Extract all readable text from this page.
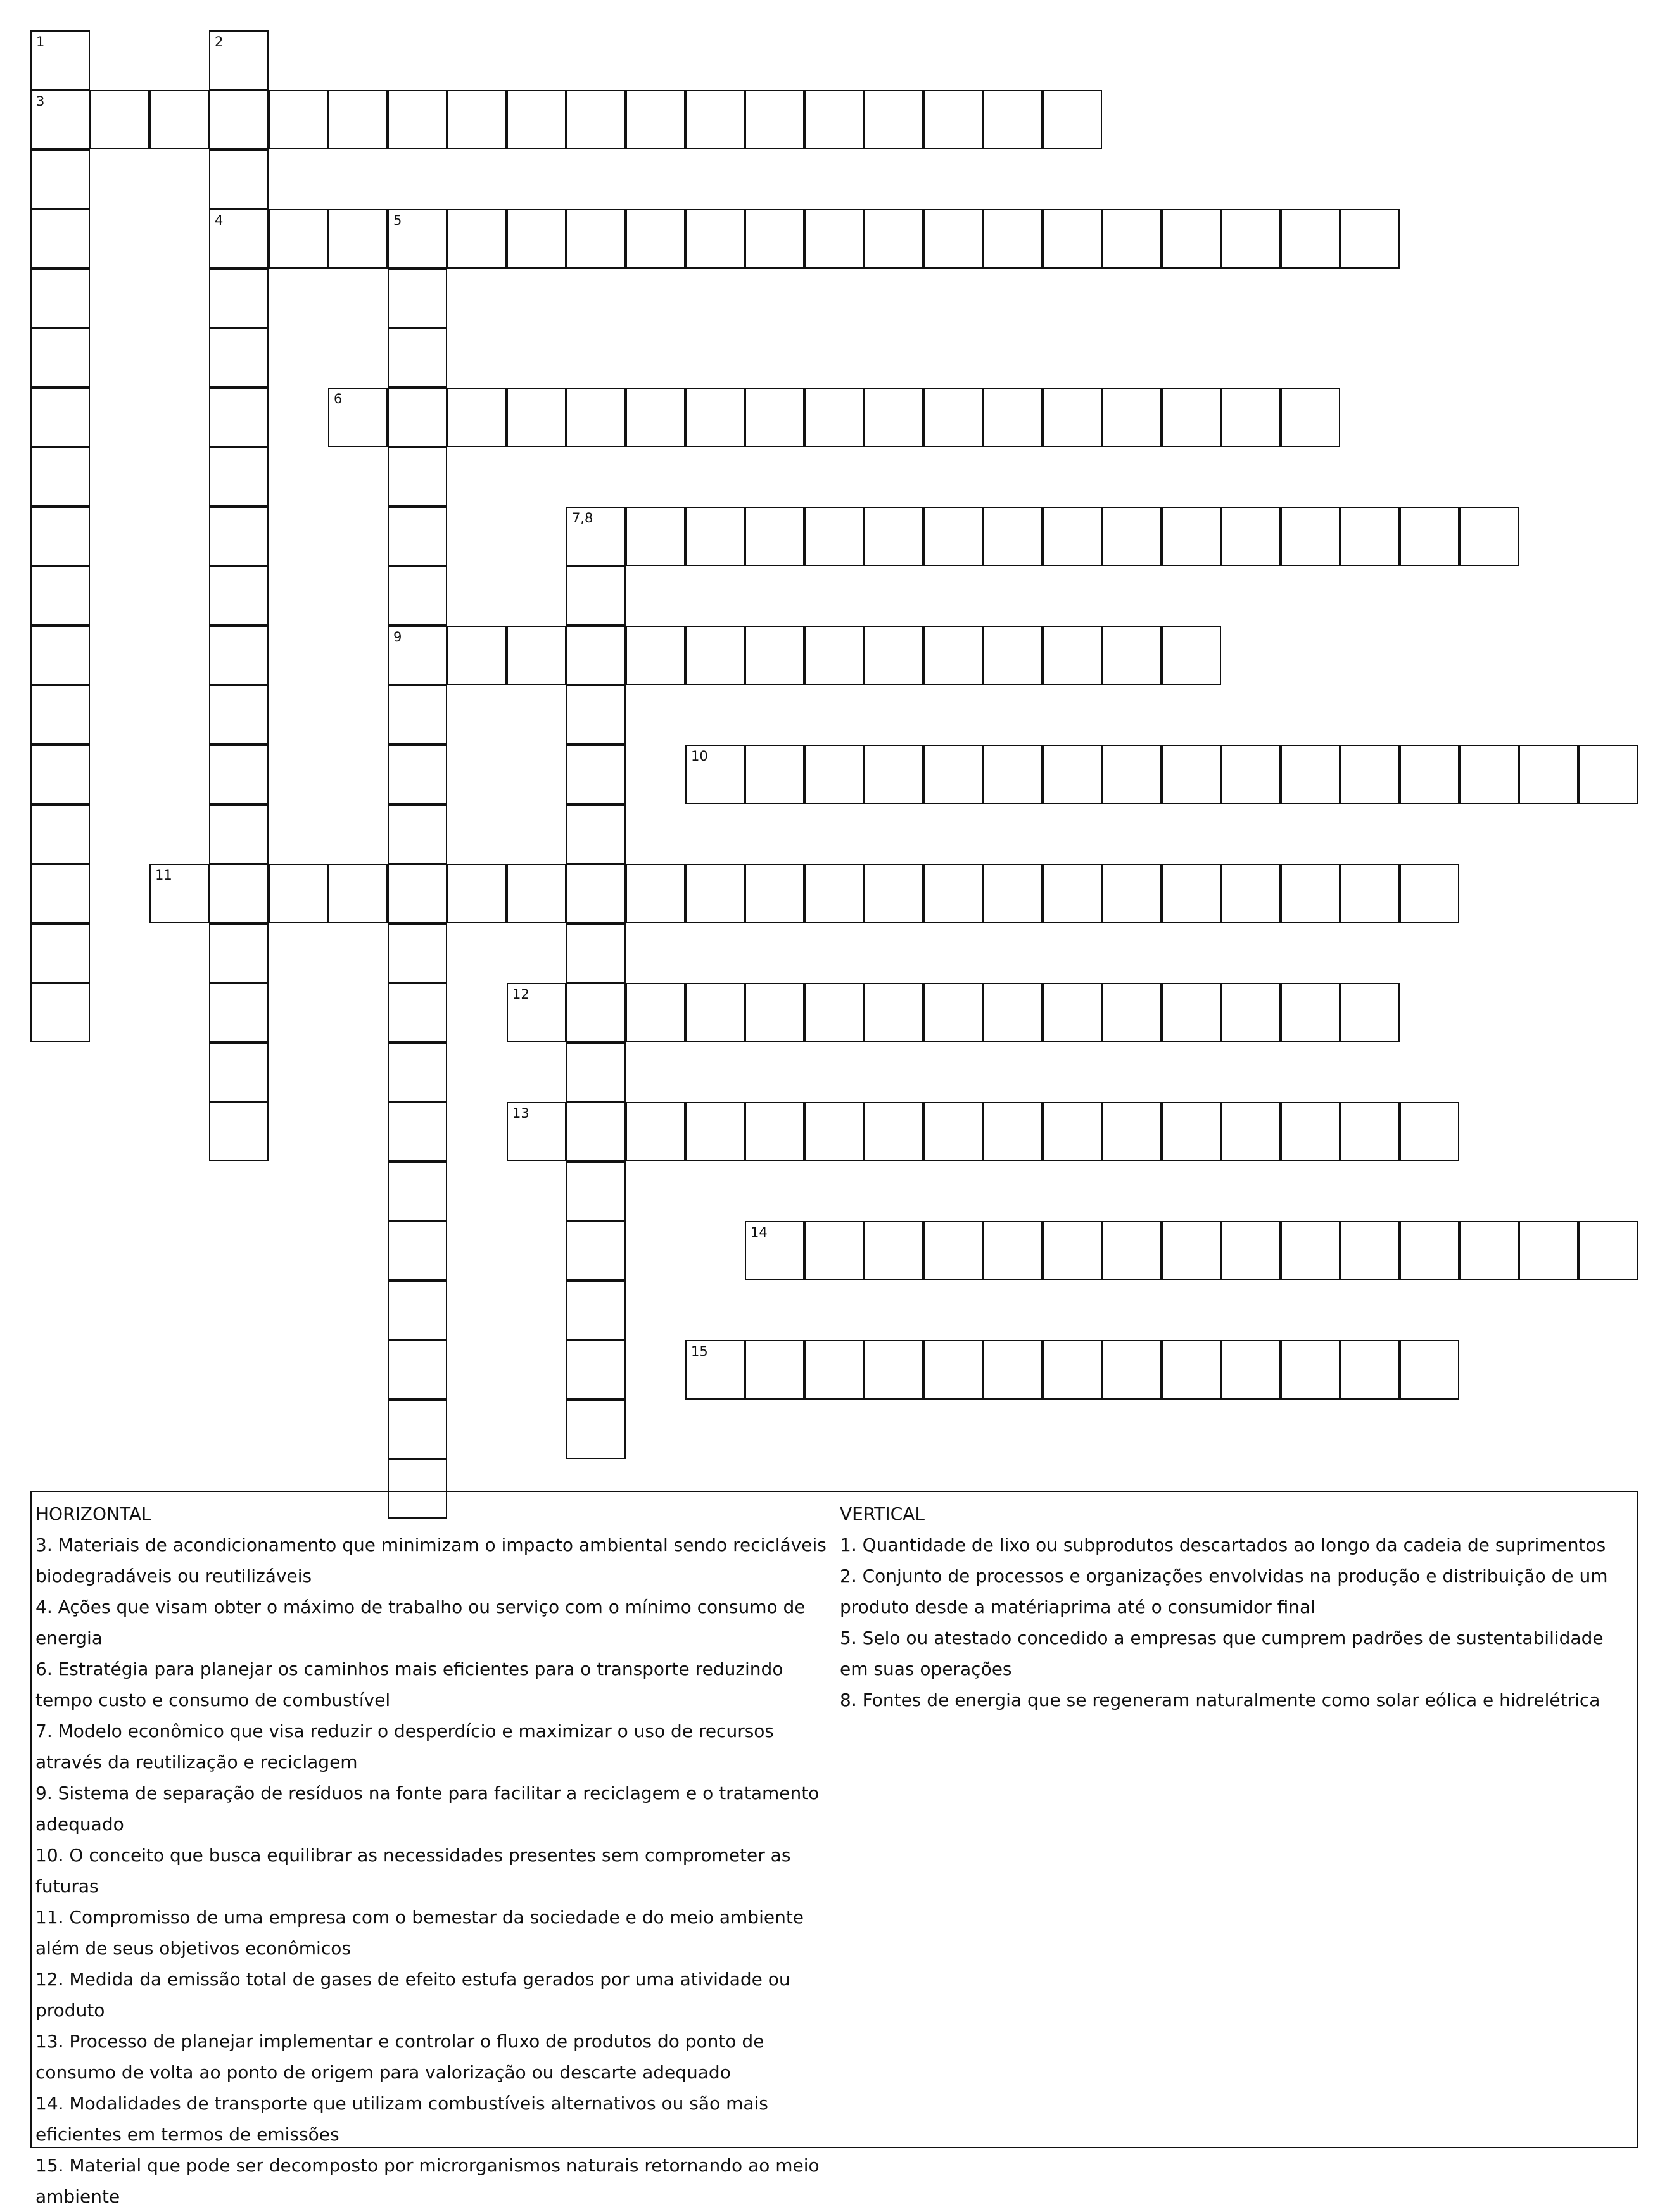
3
4	5
6
7,8
9
10
11
12
13
14
15
1	2
HORIZONTAL
3. Materiais de acondicionamento que minimizam o impacto ambiental sendo recicláveis biodegradáveis ou reutilizáveis
4. Ações que visam obter o máximo de trabalho ou serviço com o mínimo consumo de energia
6. Estratégia para planejar os caminhos mais eficientes para o transporte reduzindo tempo custo e consumo de combustível
7. Modelo econômico que visa reduzir o desperdício e maximizar o uso de recursos através da reutilização e reciclagem
9. Sistema de separação de resíduos na fonte para facilitar a reciclagem e o tratamento adequado
10. O conceito que busca equilibrar as necessidades presentes sem comprometer as futuras
11. Compromisso de uma empresa com o bemestar da sociedade e do meio ambiente além de seus objetivos econômicos
12. Medida da emissão total de gases de efeito estufa gerados por uma atividade ou produto
13. Processo de planejar implementar e controlar o fluxo de produtos do ponto de consumo de volta ao ponto de origem para valorização ou descarte adequado
14. Modalidades de transporte que utilizam combustíveis alternativos ou são mais eficientes em termos de emissões
15. Material que pode ser decomposto por microrganismos naturais retornando ao meio ambiente
VERTICAL
1. Quantidade de lixo ou subprodutos descartados ao longo da cadeia de suprimentos
2. Conjunto de processos e organizações envolvidas na produção e distribuição de um produto desde a matériaprima até o consumidor final
5. Selo ou atestado concedido a empresas que cumprem padrões de sustentabilidade em suas operações
8. Fontes de energia que se regeneram naturalmente como solar eólica e hidrelétrica
